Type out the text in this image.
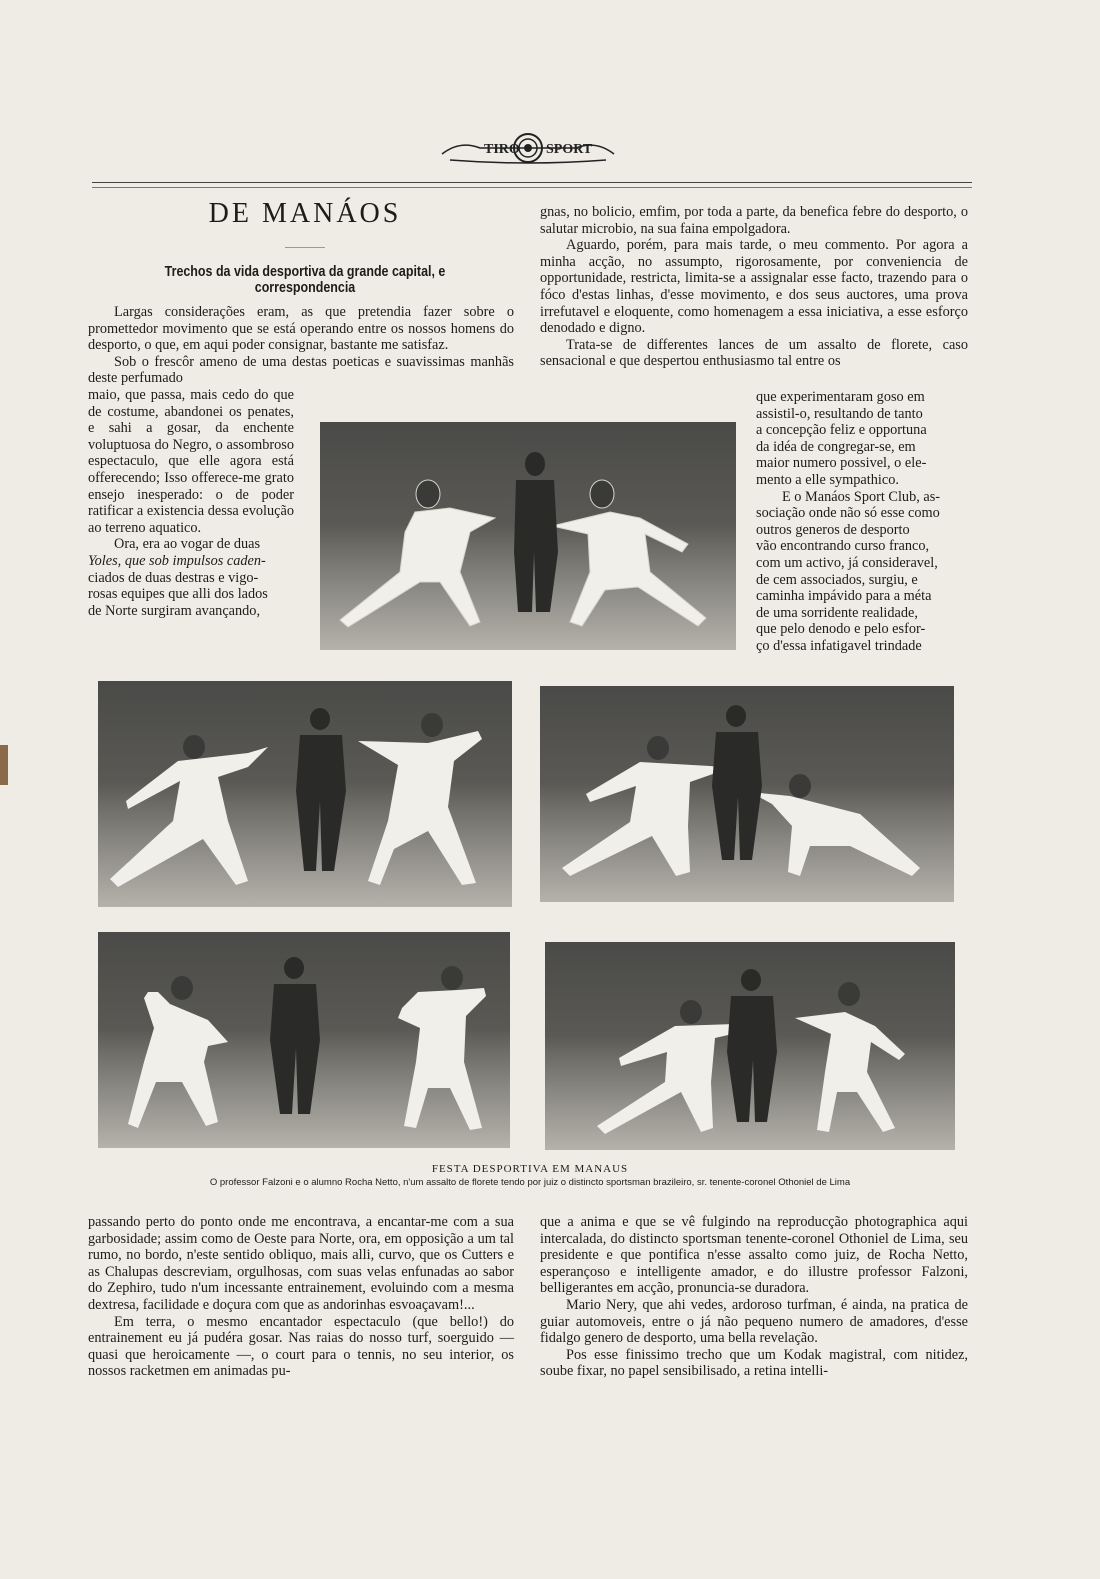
TIRO SPORT
DE MANÁOS
Trechos da vida desportiva da grande capital, e correspondencia

Largas considerações eram, as que pretendia fazer sobre o promettedor movimento que se está operando entre os nossos homens do desporto, o que, em aqui poder consignar, bastante me satisfaz.

Sob o frescôr ameno de uma destas poeticas e suavissimas manhãs deste perfumado

maio, que passa, mais cedo do que de costume, abandonei os penates, e sahi a gosar, da enchente voluptuosa do Negro, o assombroso espectaculo, que elle agora está offerecendo; Isso offerece-me grato ensejo inesperado: o de poder ratificar a existencia dessa evolução ao terreno aquatico.

Ora, era ao vogar de duas

Yoles, que sob impulsos caden-

ciados de duas destras e vigo-

rosas equipes que alli dos lados

de Norte surgiram avançando,

gnas, no bolicio, emfim, por toda a parte, da benefica febre do desporto, o salutar microbio, na sua faina empolgadora.

Aguardo, porém, para mais tarde, o meu commento. Por agora a minha acção, no assumpto, rigorosamente, por conveniencia de opportunidade, restricta, limita-se a assignalar esse facto, trazendo para o fóco d'estas linhas, d'esse movimento, e dos seus auctores, uma prova irrefutavel e eloquente, como homenagem a essa iniciativa, a esse esforço denodado e digno.

Trata-se de differentes lances de um assalto de florete, caso sensacional e que despertou enthusiasmo tal entre os

que experimentaram goso em

assistil-o, resultando de tanto

a concepção feliz e opportuna

da idéa de congregar-se, em

maior numero possivel, o ele-

mento a elle sympathico.

E o Manáos Sport Club, as-

sociação onde não só esse como

outros generos de desporto

vão encontrando curso franco,

com um activo, já consideravel,

de cem associados, surgiu, e

caminha impávido para a méta

de uma sorridente realidade,

que pelo denodo e pelo esfor-

ço d'essa infatigavel trindade

FESTA DESPORTIVA EM MANAUS
O professor Falzoni e o alumno Rocha Netto, n'um assalto de florete tendo por juiz o distincto sportsman brazileiro, sr. tenente-coronel Othoniel de Lima

passando perto do ponto onde me encontrava, a encantar-me com a sua garbosidade; assim como de Oeste para Norte, ora, em opposição a um tal rumo, no bordo, n'este sentido obliquo, mais alli, curvo, que os Cutters e as Chalupas descreviam, orgulhosas, com suas velas enfunadas ao sabor do Zephiro, tudo n'um incessante entrainement, evoluindo com a mesma dextresa, facilidade e doçura com que as andorinhas esvoaçavam!...

Em terra, o mesmo encantador espectaculo (que bello!) do entrainement eu já pudéra gosar. Nas raias do nosso turf, soerguido — quasi que heroicamente —, o court para o tennis, no seu interior, os nossos racketmen em animadas pu-

que a anima e que se vê fulgindo na reproducção photographica aqui intercalada, do distincto sportsman tenente-coronel Othoniel de Lima, seu presidente e que pontifica n'esse assalto como juiz, de Rocha Netto, esperançoso e intelligente amador, e do illustre professor Falzoni, belligerantes em acção, pronuncia-se duradora.

Mario Nery, que ahi vedes, ardoroso turfman, é ainda, na pratica de guiar automoveis, entre o já não pequeno numero de amadores, d'esse fidalgo genero de desporto, uma bella revelação.

Pos esse finissimo trecho que um Kodak magistral, com nitidez, soube fixar, no papel sensibilisado, a retina intelli-
